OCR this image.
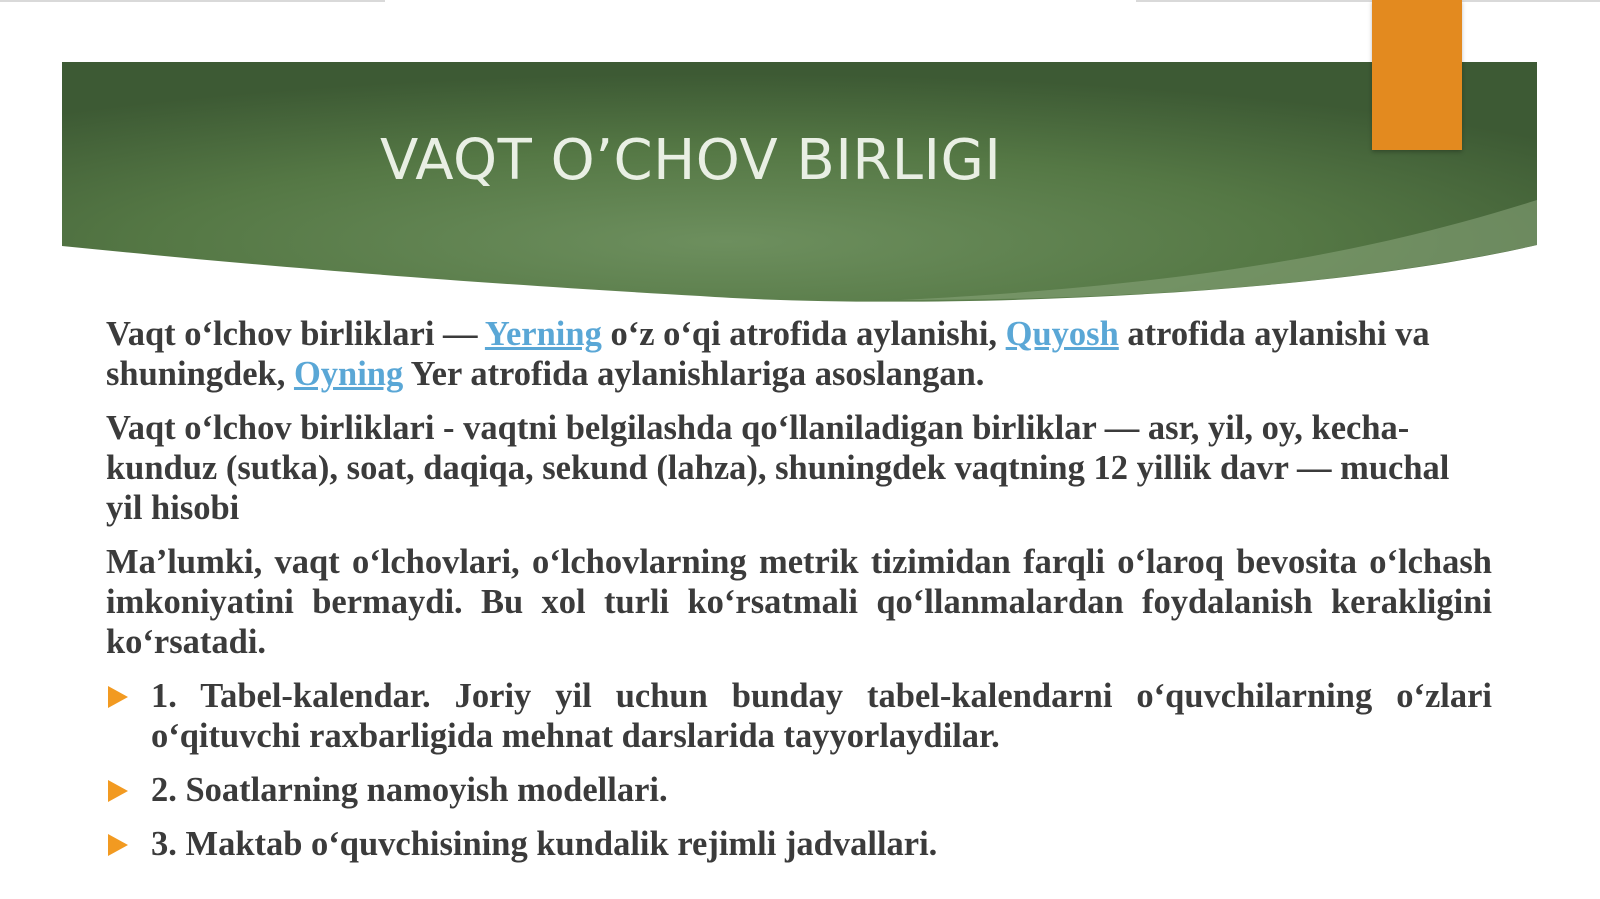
VAQT O’CHOV BIRLIGI

Vaqt o‘lchov birliklari — Yerning o‘z o‘qi atrofida aylanishi, Quyosh atrofida aylanishi va shuningdek, Oyning Yer atrofida aylanishlariga asoslangan.

Vaqt o‘lchov birliklari - vaqtni belgilashda qo‘llaniladigan birliklar — asr, yil, oy, kecha-kunduz (sutka), soat, daqiqa, sekund (lahza), shuningdek vaqtning 12 yillik davr — muchal yil hisobi

Ma’lumki, vaqt o‘lchovlari, o‘lchovlarning metrik tizimidan farqli o‘laroq bevosita o‘lchash imkoniyatini bermaydi. Bu xol turli ko‘rsatmali qo‘llanmalardan foydalanish kerakligini ko‘rsatadi.

1. Tabel-kalendar. Joriy yil uchun bunday tabel-kalendarni o‘quvchilarning o‘zlari o‘qituvchi raxbarligida mehnat darslarida tayyorlaydilar.
2. Soatlarning namoyish modellari.
3. Maktab o‘quvchisining kundalik rejimli jadvallari.
